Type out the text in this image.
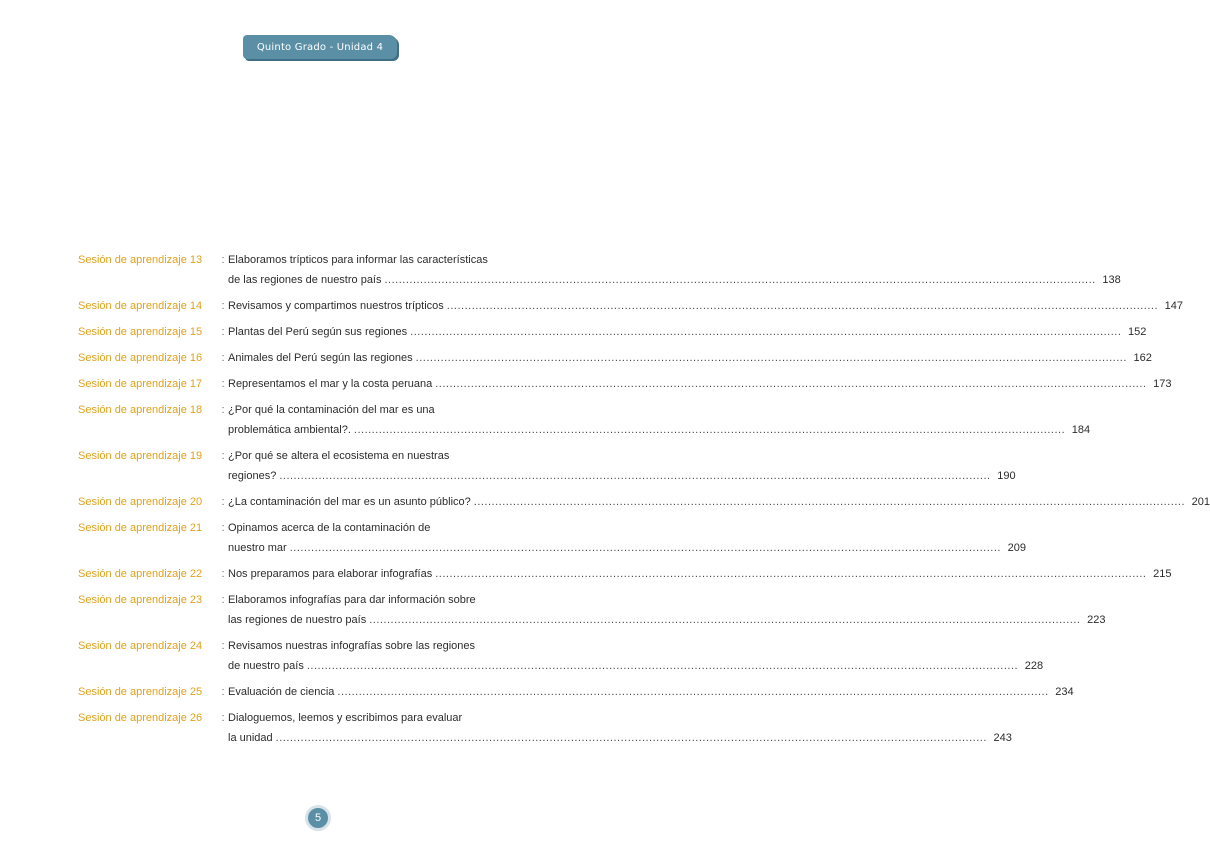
Quinto Grado - Unidad 4
Sesión de aprendizaje 13	: Elaboramos trípticos para informar las características
de las regiones de nuestro país ........................................................................................................................................................................................................ 138
Sesión de aprendizaje 14	: Revisamos y compartimos nuestros trípticos ........................................................................................................................................................................................................ 147
Sesión de aprendizaje 15	: Plantas del Perú según sus regiones ........................................................................................................................................................................................................ 152
Sesión de aprendizaje 16	: Animales del Perú según las regiones ........................................................................................................................................................................................................ 162
Sesión de aprendizaje 17	: Representamos el mar y la costa peruana ........................................................................................................................................................................................................ 173
Sesión de aprendizaje 18	: ¿Por qué la contaminación del mar es una
problemática ambiental?. ........................................................................................................................................................................................................ 184
Sesión de aprendizaje 19	: ¿Por qué se altera el ecosistema en nuestras
regiones? ........................................................................................................................................................................................................ 190
Sesión de aprendizaje 20	: ¿La contaminación del mar es un asunto público? ........................................................................................................................................................................................................ 201
Sesión de aprendizaje 21	: Opinamos acerca de la contaminación de
nuestro mar ........................................................................................................................................................................................................ 209
Sesión de aprendizaje 22	: Nos preparamos para elaborar infografías ........................................................................................................................................................................................................ 215
Sesión de aprendizaje 23	: Elaboramos infografías para dar información sobre
las regiones de nuestro país ........................................................................................................................................................................................................ 223
Sesión de aprendizaje 24	: Revisamos nuestras infografías sobre las regiones
de nuestro país ........................................................................................................................................................................................................ 228
Sesión de aprendizaje 25	: Evaluación de ciencia ........................................................................................................................................................................................................ 234
Sesión de aprendizaje 26	: Dialoguemos, leemos y escribimos para evaluar
la unidad ........................................................................................................................................................................................................ 243
5
